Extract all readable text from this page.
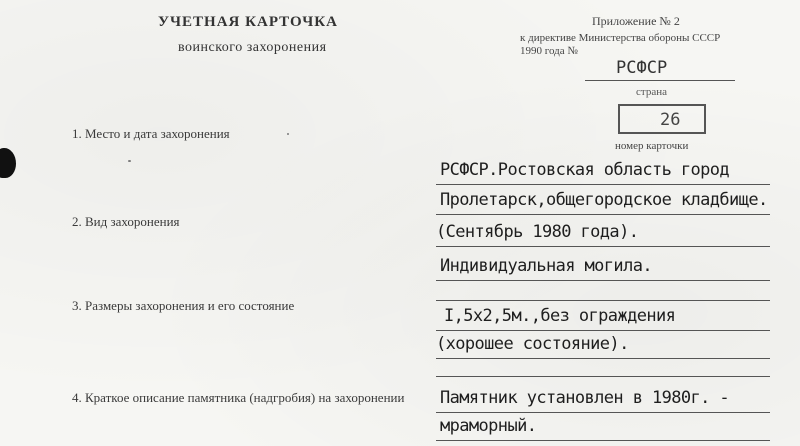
УЧЕТНАЯ КАРТОЧКА
воинского захоронения
Приложение № 2
к директиве Министерства обороны СССР
1990 года №
РСФСР
страна
26
номер карточки
1. Место и дата захоронения
2. Вид захоронения
3. Размеры захоронения и его состояние
4. Краткое описание памятника (надгробия) на захоронении
РСФСР.Ростовская область город
Пролетарск,общегородское кладбище.
(Сентябрь 1980 года).
Индивидуальная могила.
I,5x2,5м.,без ограждения
(хорошее состояние).
Памятник установлен в 1980г. -
мраморный.
